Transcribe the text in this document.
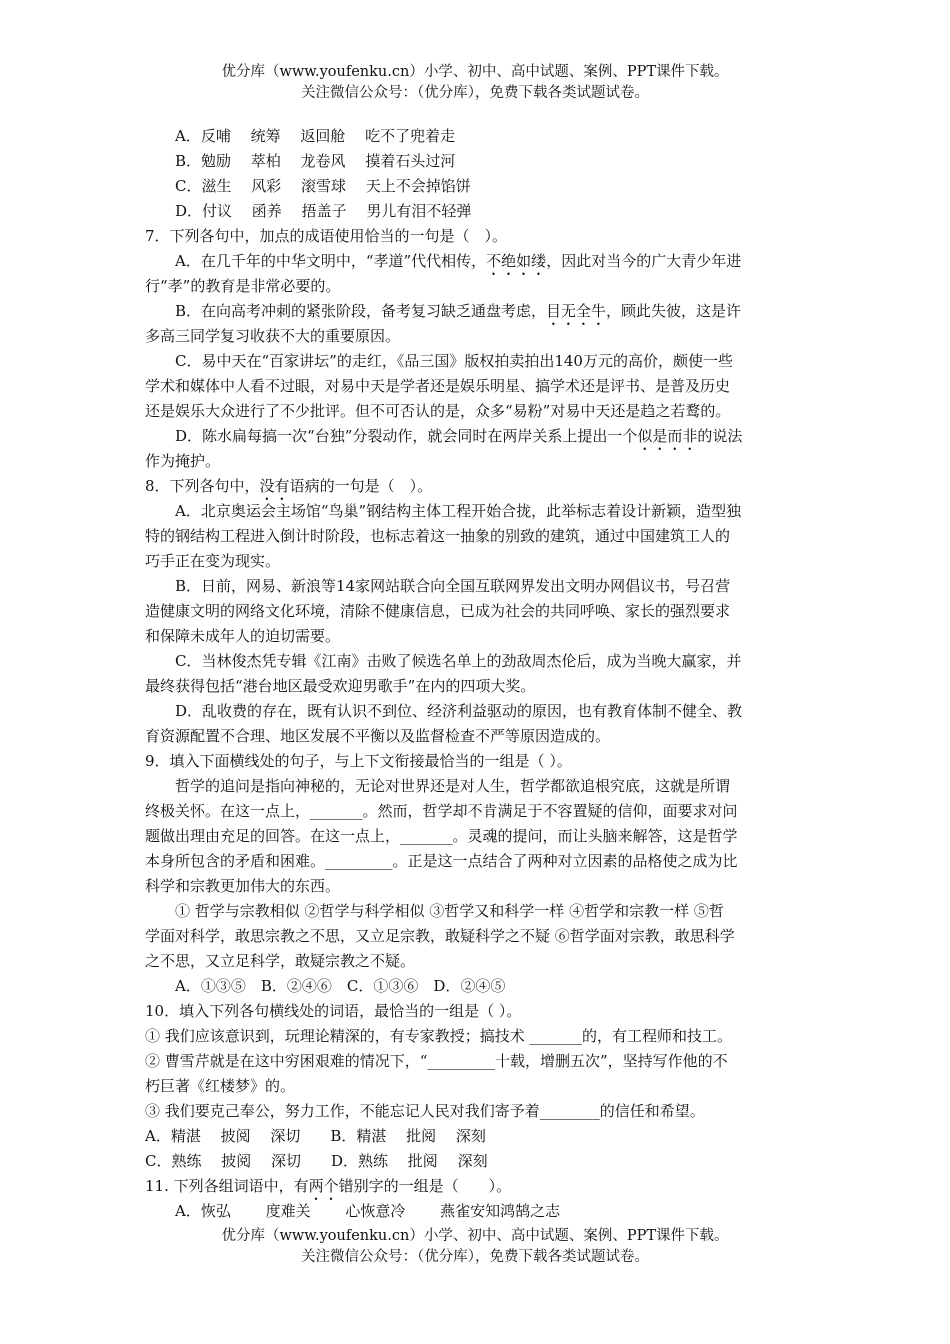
优分库（www.youfenku.cn）小学、初中、高中试题、案例、PPT课件下载。
关注微信公众号：（优分库），免费下载各类试题试卷。
A．反哺　 统筹　 返回舱　 吃不了兜着走
B．勉励　 萃柏　 龙卷风　 摸着石头过河
C．滋生　 风彩　 滚雪球　 天上不会掉馅饼
D．付议　 函养　 捂盖子　 男儿有泪不轻弹
7．下列各句中，加点的成语使用恰当的一句是（　）。
A．在几千年的中华文明中，“孝道”代代相传，不绝如缕，因此对当今的广大青少年进
行“孝”的教育是非常必要的。
B．在向高考冲刺的紧张阶段，备考复习缺乏通盘考虑，目无全牛，顾此失彼，这是许
多高三同学复习收获不大的重要原因。
C．易中天在“百家讲坛”的走红，《品三国》版权拍卖拍出140万元的高价，颇使一些
学术和媒体中人看不过眼，对易中天是学者还是娱乐明星、搞学术还是评书、是普及历史
还是娱乐大众进行了不少批评。但不可否认的是，众多“易粉”对易中天还是趋之若鹜的。
D．陈水扁每搞一次“台独”分裂动作，就会同时在两岸关系上提出一个似是而非的说法
作为掩护。
8．下列各句中，没有语病的一句是（　）。
A．北京奥运会主场馆“鸟巢”钢结构主体工程开始合拢，此举标志着设计新颖，造型独
特的钢结构工程进入倒计时阶段，也标志着这一抽象的别致的建筑，通过中国建筑工人的
巧手正在变为现实。
B．日前，网易、新浪等14家网站联合向全国互联网界发出文明办网倡议书，号召营
造健康文明的网络文化环境，清除不健康信息，已成为社会的共同呼唤、家长的强烈要求
和保障未成年人的迫切需要。
C．当林俊杰凭专辑《江南》击败了候选名单上的劲敌周杰伦后，成为当晚大赢家，并
最终获得包括“港台地区最受欢迎男歌手”在内的四项大奖。
D．乱收费的存在，既有认识不到位、经济利益驱动的原因，也有教育体制不健全、教
育资源配置不合理、地区发展不平衡以及监督检查不严等原因造成的。
9．填入下面横线处的句子，与上下文衔接最恰当的一组是（ ）。
哲学的追问是指向神秘的，无论对世界还是对人生，哲学都欲追根究底，这就是所谓
终极关怀。在这一点上，_______。然而，哲学却不肯满足于不容置疑的信仰，面要求对问
题做出理由充足的回答。在这一点上，_______。灵魂的提问，而让头脑来解答，这是哲学
本身所包含的矛盾和困难。_________。正是这一点结合了两种对立因素的品格使之成为比
科学和宗教更加伟大的东西。
① 哲学与宗教相似 ②哲学与科学相似 ③哲学又和科学一样 ④哲学和宗教一样 ⑤哲
学面对科学，敢思宗教之不思，又立足宗教，敢疑科学之不疑 ⑥哲学面对宗教，敢思科学
之不思，又立足科学，敢疑宗教之不疑。
A．①③⑤　B．②④⑥　C．①③⑥　D．②④⑤
10．填入下列各句横线处的词语，最恰当的一组是（ ）。
① 我们应该意识到，玩理论精深的，有专家教授；搞技术 _______的，有工程师和技工。
② 曹雪芹就是在这中穷困艰难的情况下，“_________十载，增删五次”，坚持写作他的不
朽巨著《红楼梦》的。
③ 我们要克己奉公，努力工作，不能忘记人民对我们寄予着________的信任和希望。
A．精湛　 披阅　 深切　　B．精湛　 批阅　 深刻
C．熟练　 披阅　 深切　　D．熟练　 批阅　 深刻
11. 下列各组词语中，有两个错别字的一组是（　　）。
A．恢弘　　 度难关　　 心恢意冷　　 燕雀安知鸿鹄之志
优分库（www.youfenku.cn）小学、初中、高中试题、案例、PPT课件下载。
关注微信公众号：（优分库），免费下载各类试题试卷。
